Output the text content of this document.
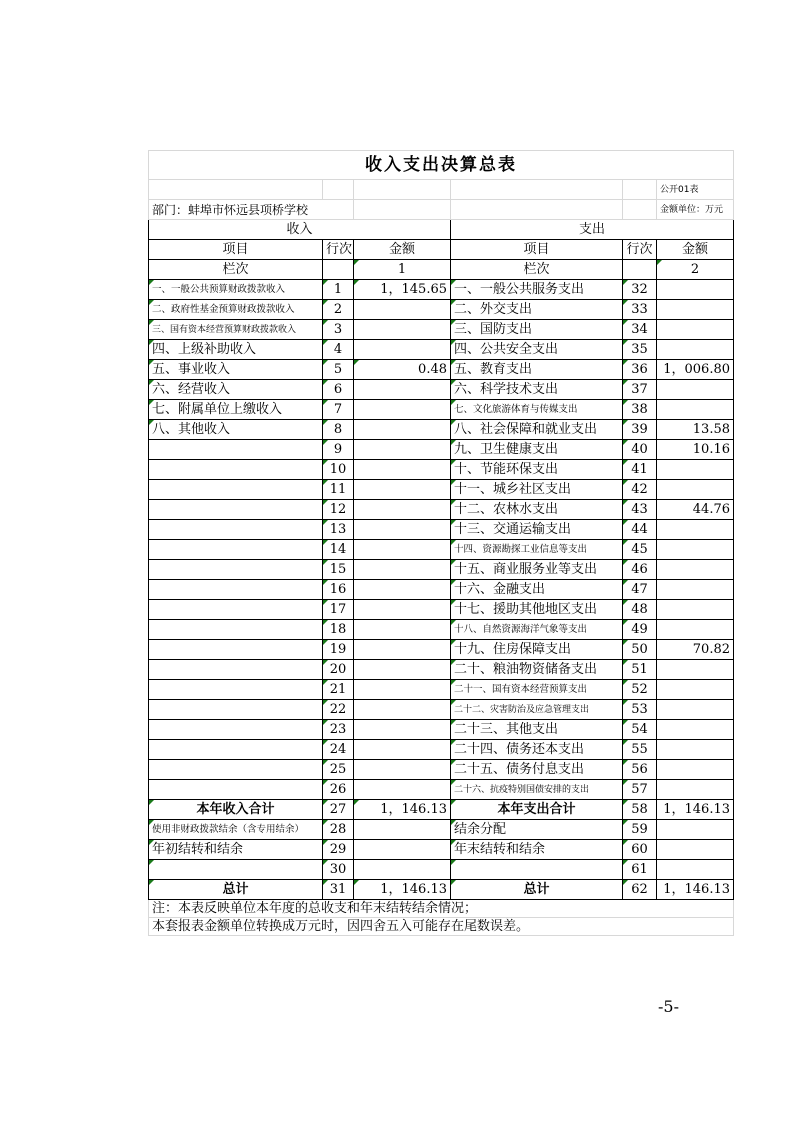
收入支出决算总表					
					公开01表
部门：蚌埠市怀远县项桥学校					金额单位：万元
收入			支出		
项目	行次	金额	项目	行次	金额
栏次		1	栏次		2
一、一般公共预算财政拨款收入	1	1，145.65	一、一般公共服务支出	32	
二、政府性基金预算财政拨款收入	2		二、外交支出	33	
三、国有资本经营预算财政拨款收入	3		三、国防支出	34	
四、上级补助收入	4		四、公共安全支出	35	
五、事业收入	5	0.48	五、教育支出	36	1，006.80
六、经营收入	6		六、科学技术支出	37	
七、附属单位上缴收入	7		七、文化旅游体育与传媒支出	38	
八、其他收入	8		八、社会保障和就业支出	39	13.58
	9		九、卫生健康支出	40	10.16
	10		十、节能环保支出	41	
	11		十一、城乡社区支出	42	
	12		十二、农林水支出	43	44.76
	13		十三、交通运输支出	44	
	14		十四、资源勘探工业信息等支出	45	
	15		十五、商业服务业等支出	46	
	16		十六、金融支出	47	
	17		十七、援助其他地区支出	48	
	18		十八、自然资源海洋气象等支出	49	
	19		十九、住房保障支出	50	70.82
	20		二十、粮油物资储备支出	51	
	21		二十一、国有资本经营预算支出	52	
	22		二十二、灾害防治及应急管理支出	53	
	23		二十三、其他支出	54	
	24		二十四、债务还本支出	55	
	25		二十五、债务付息支出	56	
	26		二十六、抗疫特别国债安排的支出	57	
本年收入合计	27	1，146.13	本年支出合计	58	1，146.13
使用非财政拨款结余（含专用结余）	28		结余分配	59	
年初结转和结余	29		年末结转和结余	60	
	30			61	
总计	31	1，146.13	总计	62	1，146.13
注：本表反映单位本年度的总收支和年末结转结余情况；					
本套报表金额单位转换成万元时，因四舍五入可能存在尾数误差。					
-5-
